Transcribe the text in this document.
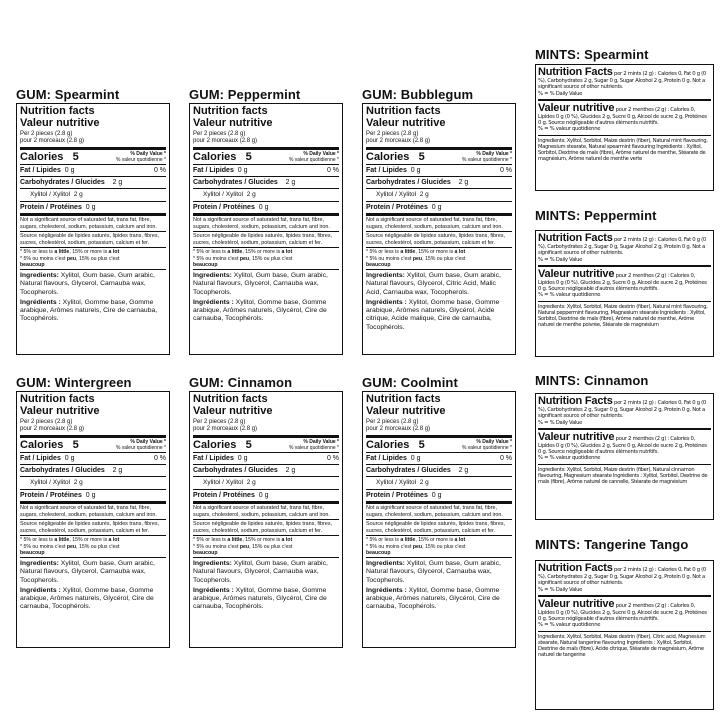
GUM: Spearmint
Nutrition facts
Valeur nutritive
Per 2 pieces (2.8 g)
pour 2 morceaux (2.8 g)
Calories 5	% Daily Value *
% valeur quotidienne *
Fat / Lipides 0 g	0 %
Carbohydrates / Glucides 2 g
Xylitol / Xylitol 2 g
Protein / Protéines 0 g
Not a significant source of saturated fat, trans fat, fibre, sugars, cholesterol, sodium, potassium, calcium and iron.
Source négligeable de lipides saturés, lipides trans, fibres, sucres, cholestérol, sodium, potassium, calcium et fer.
* 5% or less is a little, 15% or more is a lot
* 5% ou moins c'est peu, 15% ou plus c'est
beaucoup
Ingredients: Xylitol, Gum base, Gum arabic, Natural flavours, Glycerol, Carnauba wax, Tocopherols.
Ingrédients : Xylitol, Gomme base, Gomme arabique, Arômes naturels, Cire de carnauba, Tocophérols.
GUM: Peppermint
Nutrition facts
Valeur nutritive
Per 2 pieces (2.8 g)
pour 2 morceaux (2.8 g)
Calories 5	% Daily Value *
% valeur quotidienne *
Fat / Lipides 0 g	0 %
Carbohydrates / Glucides 2 g
Xylitol / Xylitol 2 g
Protein / Protéines 0 g
Not a significant source of saturated fat, trans fat, fibre, sugars, cholesterol, sodium, potassium, calcium and iron.
Source négligeable de lipides saturés, lipides trans, fibres, sucres, cholestérol, sodium, potassium, calcium et fer.
* 5% or less is a little, 15% or more is a lot
* 5% ou moins c'est peu, 15% ou plus c'est
beaucoup
Ingredients: Xylitol, Gum base, Gum arabic, Natural flavours, Glycerol, Carnauba wax, Tocopherols.
Ingrédients : Xylitol, Gomme base, Gomme arabique, Arômes naturels, Glycérol, Cire de carnauba, Tocophérols.
GUM: Bubblegum
Nutrition facts
Valeur nutritive
Per 2 pieces (2.8 g)
pour 2 morceaux (2.8 g)
Calories 5	% Daily Value *
% valeur quotidienne *
Fat / Lipides 0 g	0 %
Carbohydrates / Glucides 2 g
Xylitol / Xylitol 2 g
Protein / Protéines 0 g
Not a significant source of saturated fat, trans fat, fibre, sugars, cholesterol, sodium, potassium, calcium and iron.
Source négligeable de lipides saturés, lipides trans, fibres, sucres, cholestérol, sodium, potassium, calcium et fer.
* 5% or less is a little, 15% or more is a lot
* 5% ou moins c'est peu, 15% ou plus c'est
beaucoup
Ingredients: Xylitol, Gum base, Gum arabic, Natural flavours, Glycerol, Citric Acid, Malic Acid, Carnauba wax, Tocopherols.
Ingrédients : Xylitol, Gomme base, Gomme arabique, Arômes naturels, Glycérol, Acide citrique, Acide malique, Cire de carnauba, Tocophérols.
GUM: Wintergreen
Nutrition facts
Valeur nutritive
Per 2 pieces (2.8 g)
pour 2 morceaux (2.8 g)
Calories 5	% Daily Value *
% valeur quotidienne *
Fat / Lipides 0 g	0 %
Carbohydrates / Glucides 2 g
Xylitol / Xylitol 2 g
Protein / Protéines 0 g
Not a significant source of saturated fat, trans fat, fibre, sugars, cholesterol, sodium, potassium, calcium and iron.
Source négligeable de lipides saturés, lipides trans, fibres, sucres, cholestérol, sodium, potassium, calcium et fer.
* 5% or less is a little, 15% or more is a lot
* 5% ou moins c'est peu, 15% ou plus c'est
beaucoup
Ingredients: Xylitol, Gum base, Gum arabic, Natural flavours, Glycerol, Carnauba wax, Tocopherols.
Ingrédients : Xylitol, Gomme base, Gomme arabique, Arômes naturels, Glycérol, Cire de carnauba, Tocophérols.
GUM: Cinnamon
Nutrition facts
Valeur nutritive
Per 2 pieces (2.8 g)
pour 2 morceaux (2.8 g)
Calories 5	% Daily Value *
% valeur quotidienne *
Fat / Lipides 0 g	0 %
Carbohydrates / Glucides 2 g
Xylitol / Xylitol 2 g
Protein / Protéines 0 g
Not a significant source of saturated fat, trans fat, fibre, sugars, cholesterol, sodium, potassium, calcium and iron.
Source négligeable de lipides saturés, lipides trans, fibres, sucres, cholestérol, sodium, potassium, calcium et fer.
* 5% or less is a little, 15% or more is a lot
* 5% ou moins c'est peu, 15% ou plus c'est
beaucoup
Ingredients: Xylitol, Gum base, Gum arabic, Natural flavours, Glycerol, Carnauba wax, Tocopherols.
Ingrédients : Xylitol, Gomme base, Gomme arabique, Arômes naturels, Glycérol, Cire de carnauba, Tocophérols.
GUM: Coolmint
Nutrition facts
Valeur nutritive
Per 2 pieces (2.8 g)
pour 2 morceaux (2.8 g)
Calories 5	% Daily Value *
% valeur quotidienne *
Fat / Lipides 0 g	0 %
Carbohydrates / Glucides 2 g
Xylitol / Xylitol 2 g
Protein / Protéines 0 g
Not a significant source of saturated fat, trans fat, fibre, sugars, cholesterol, sodium, potassium, calcium and iron.
Source négligeable de lipides saturés, lipides trans, fibres, sucres, cholestérol, sodium, potassium, calcium et fer.
* 5% or less is a little, 15% or more is a lot
* 5% ou moins c'est peu, 15% ou plus c'est
beaucoup
Ingredients: Xylitol, Gum base, Gum arabic, Natural flavours, Glycerol, Carnauba wax, Tocopherols.
Ingrédients : Xylitol, Gomme base, Gomme arabique, Arômes naturels, Glycérol, Cire de carnauba, Tocophérols.
MINTS: Spearmint
Nutrition Facts per 2 mints (2 g) : Calories 0, Fat 0 g (0 %), Carbohydrates 2 g, Sugar 0 g, Sugar Alcohol 2 g, Protein 0 g. Not a significant source of other nutrients.
% = % Daily Value
Valeur nutritive pour 2 menthes (2 g) : Calories 0, Lipides 0 g (0 %), Glucides 2 g, Sucre 0 g, Alcool de sucre 2 g, Protéines 0 g. Source négligeable d'autres éléments nutritifs.
% = % valeur quotidienne
Ingredients: Xylitol, Sorbitol, Maize dextrin (fiber), Natural mint flavouring, Magnesium stearate, Natural spearmint flavouring Ingrédients : Xylitol, Sorbitol, Dextrine de maïs (fibre), Arôme naturel de menthe, Stéarate de magnésium, Arôme naturel de menthe verte
MINTS: Peppermint
Nutrition Facts per 2 mints (2 g) : Calories 0, Fat 0 g (0 %), Carbohydrates 2 g, Sugar 0 g, Sugar Alcohol 2 g, Protein 0 g. Not a significant source of other nutrients.
% = % Daily Value
Valeur nutritive pour 2 menthes (2 g) : Calories 0, Lipides 0 g (0 %), Glucides 2 g, Sucre 0 g, Alcool de sucre 2 g, Protéines 0 g. Source négligeable d'autres éléments nutritifs.
% = % valeur quotidienne
Ingredients: Xylitol, Sorbitol, Maize dextrin (fiber), Natural mint flavouring, Natural peppermint flavouring, Magnesium stearate Ingrédients : Xylitol, Sorbitol, Dextrine de maïs (fibre), Arôme naturel de menthe, Arôme naturel de menthe poivrée, Stéarate de magnésium
MINTS: Cinnamon
Nutrition Facts per 2 mints (2 g) : Calories 0, Fat 0 g (0 %), Carbohydrates 2 g, Sugar 0 g, Sugar Alcohol 2 g, Protein 0 g. Not a significant source of other nutrients.
% = % Daily Value
Valeur nutritive pour 2 menthes (2 g) : Calories 0, Lipides 0 g (0 %), Glucides 2 g, Sucre 0 g, Alcool de sucre 2 g, Protéines 0 g. Source négligeable d'autres éléments nutritifs.
% = % valeur quotidienne
Ingredients: Xylitol, Sorbitol, Maize dextrin (fiber), Natural cinnamon flavouring, Magnesium stearate Ingrédients : Xylitol, Sorbitol, Dextrine de maïs (fibre), Arôme naturel de cannelle, Stéarate de magnésium
MINTS: Tangerine Tango
Nutrition Facts per 2 mints (2 g) : Calories 0, Fat 0 g (0 %), Carbohydrates 2 g, Sugar 0 g, Sugar Alcohol 2 g, Protein 0 g. Not a significant source of other nutrients.
% = % Daily Value
Valeur nutritive pour 2 menthes (2 g) : Calories 0, Lipides 0 g (0 %), Glucides 2 g, Sucre 0 g, Alcool de sucre 2 g, Protéines 0 g. Source négligeable d'autres éléments nutritifs.
% = % valeur quotidienne
Ingredients: Xylitol, Sorbitol, Maize dextrin (fiber), Citric acid, Magnesium stearate, Natural tangerine flavouring Ingrédients : Xylitol, Sorbitol, Dextrine de maïs (fibre), Acide citrique, Stéarate de magnésium, Arôme naturel de tangerine
